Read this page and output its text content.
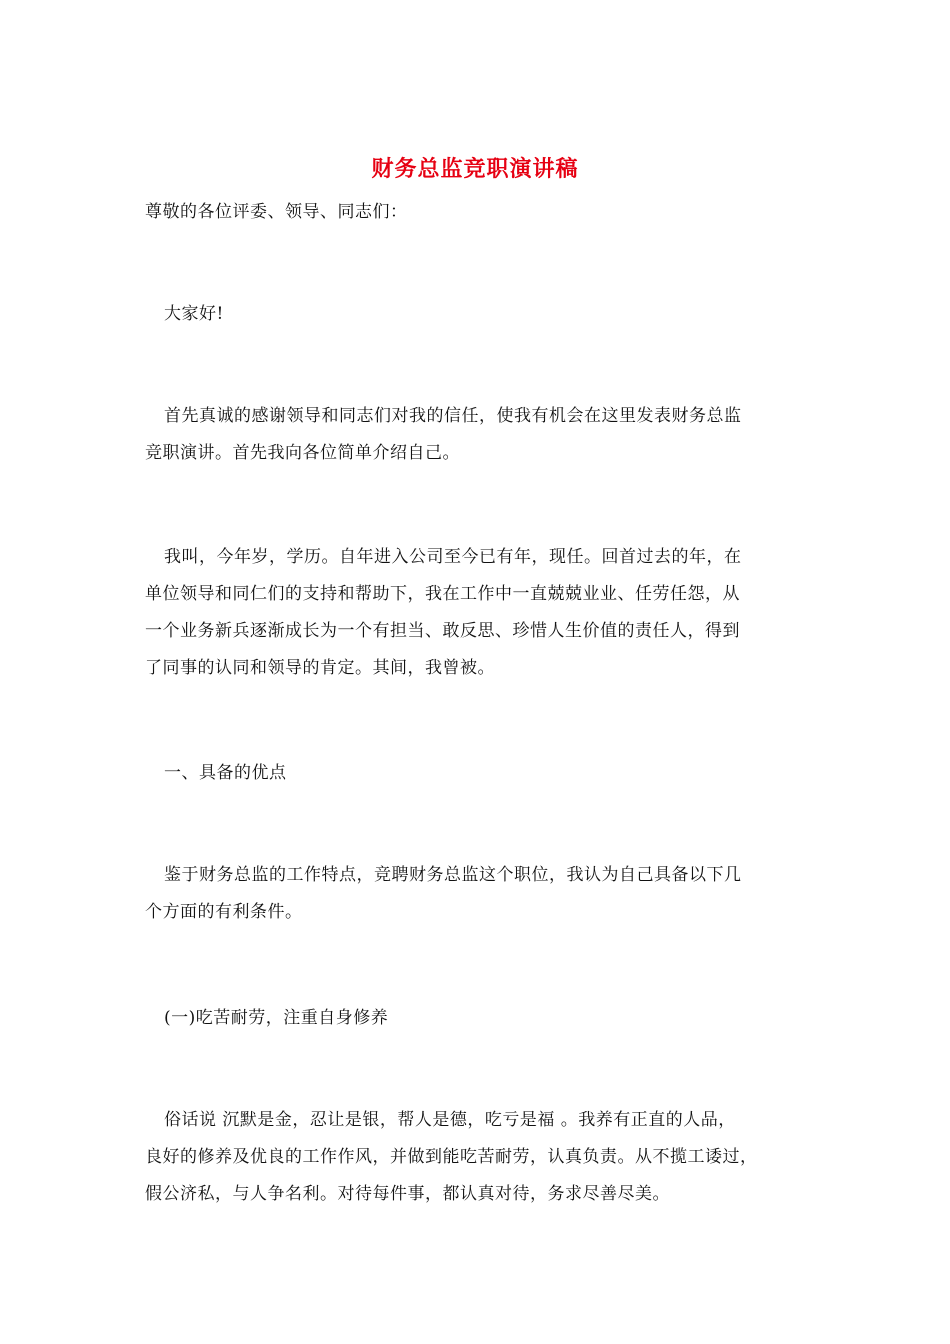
财务总监竞职演讲稿
尊敬的各位评委、领导、同志们：
大家好!
首先真诚的感谢领导和同志们对我的信任，使我有机会在这里发表财务总监
竞职演讲。首先我向各位简单介绍自己。
我叫，今年岁，学历。自年进入公司至今已有年，现任。回首过去的年，在
单位领导和同仁们的支持和帮助下，我在工作中一直兢兢业业、任劳任怨，从
一个业务新兵逐渐成长为一个有担当、敢反思、珍惜人生价值的责任人，得到
了同事的认同和领导的肯定。其间，我曾被。
一、具备的优点
鉴于财务总监的工作特点，竞聘财务总监这个职位，我认为自己具备以下几
个方面的有利条件。
(一)吃苦耐劳，注重自身修养
俗话说 沉默是金，忍让是银，帮人是德，吃亏是福 。我养有正直的人品，
良好的修养及优良的工作作风，并做到能吃苦耐劳，认真负责。从不揽工诿过，
假公济私，与人争名利。对待每件事，都认真对待，务求尽善尽美。
